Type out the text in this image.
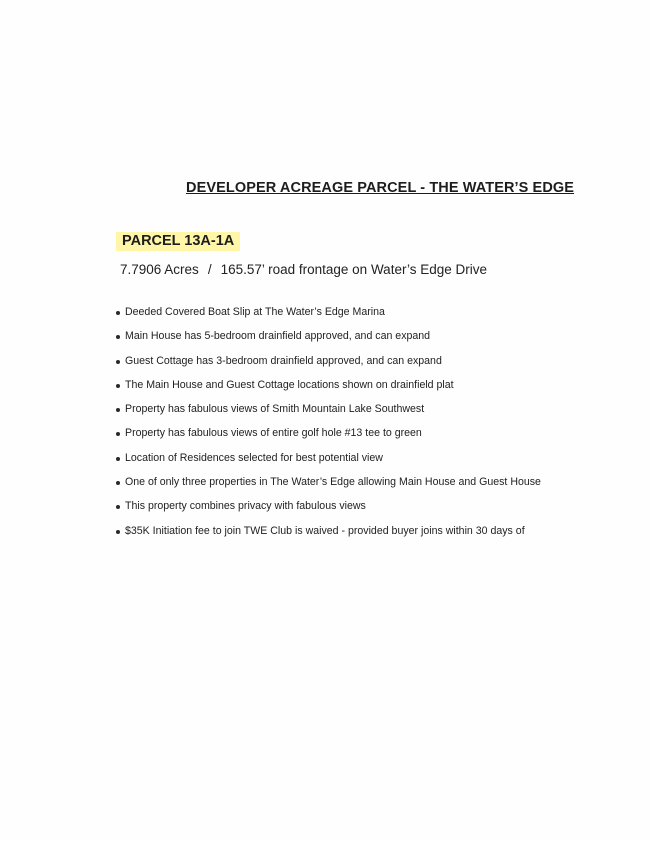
DEVELOPER ACREAGE PARCEL - THE WATER’S EDGE
PARCEL 13A-1A
7.7906 Acres / 165.57’ road frontage on Water’s Edge Drive
Deeded Covered Boat Slip at The Water’s Edge Marina
Main House has 5-bedroom drainfield approved, and can expand
Guest Cottage has 3-bedroom drainfield approved, and can expand
The Main House and Guest Cottage locations shown on drainfield plat
Property has fabulous views of Smith Mountain Lake Southwest
Property has fabulous views of entire golf hole #13 tee to green
Location of Residences selected for best potential view
One of only three properties in The Water’s Edge allowing Main House and Guest House
This property combines privacy with fabulous views
$35K Initiation fee to join TWE Club is waived - provided buyer joins within 30 days of
